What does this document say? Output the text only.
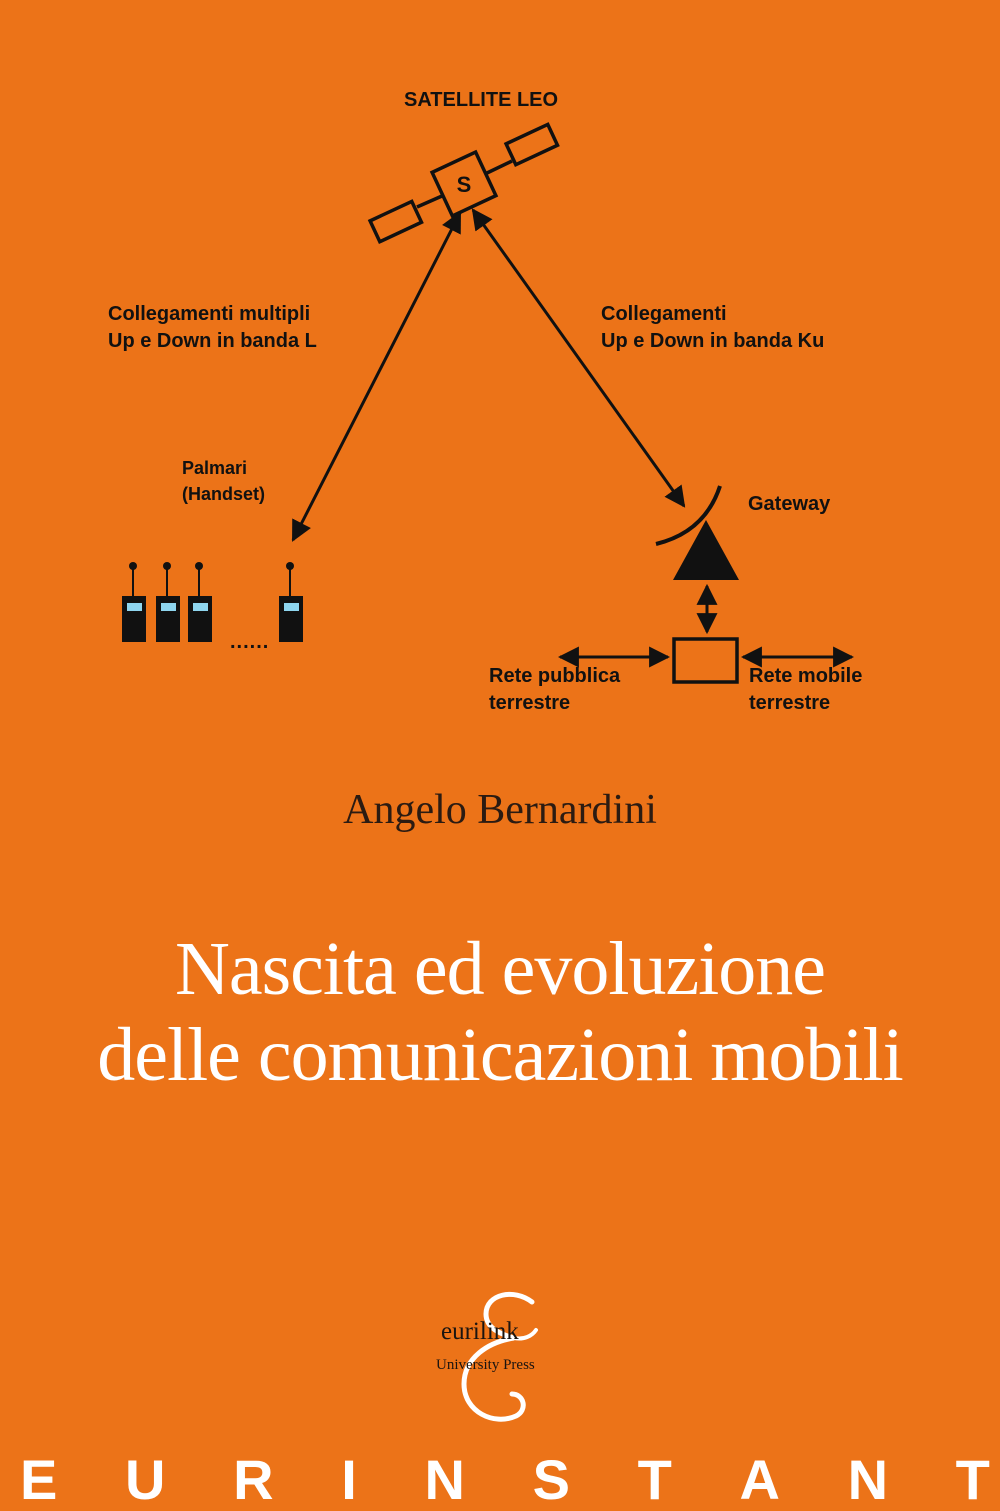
S
......
SATELLITE LEO
Collegamenti multipli
Up e Down in banda L
Collegamenti
Up e Down in banda Ku
Palmari
(Handset)	Gateway
Rete pubblica
terrestre
Rete mobile
terrestre
Angelo Bernardini
Nascita ed evoluzione
delle comunicazioni mobili
eurilink
University Press
E U R I N S T A N T
